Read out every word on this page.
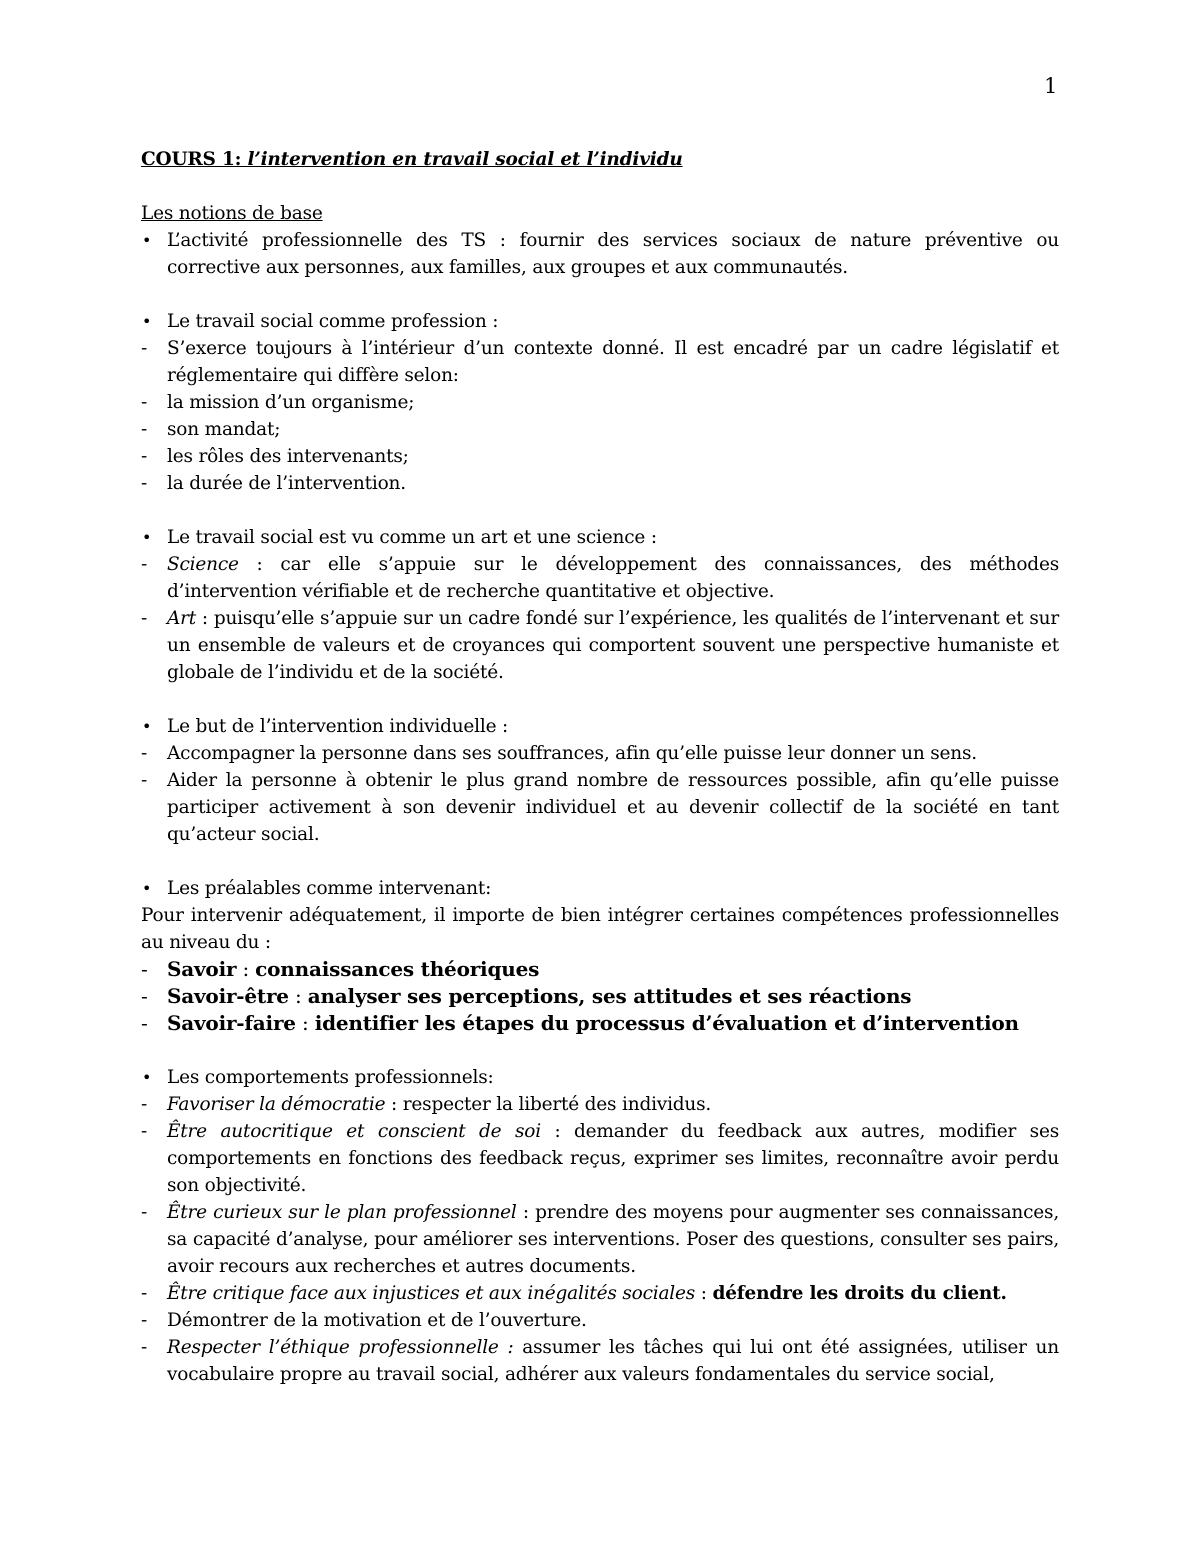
1
COURS 1: l’intervention en travail social et l’individu
Les notions de base
• L’activité professionnelle des TS : fournir des services sociaux de nature préventive ou corrective aux personnes, aux familles, aux groupes et aux communautés.
• Le travail social comme profession :
-	S’exerce toujours à l’intérieur d’un contexte donné. Il est encadré par un cadre législatif et réglementaire qui diffère selon:
-	la mission d’un organisme;
-	son mandat;
-	les rôles des intervenants;
-	la durée de l’intervention.
• Le travail social est vu comme un art et une science :
-	Science : car elle s’appuie sur le développement des connaissances, des méthodes d’intervention vérifiable et de recherche quantitative et objective.
-	Art : puisqu’elle s’appuie sur un cadre fondé sur l’expérience, les qualités de l’intervenant et sur un ensemble de valeurs et de croyances qui comportent souvent une perspective humaniste et globale de l’individu et de la société.
• Le but de l’intervention individuelle :
-	Accompagner la personne dans ses souffrances, afin qu’elle puisse leur donner un sens.
-	Aider la personne à obtenir le plus grand nombre de ressources possible, afin qu’elle puisse participer activement à son devenir individuel et au devenir collectif de la société en tant qu’acteur social.
• Les préalables comme intervenant:
Pour intervenir adéquatement, il importe de bien intégrer certaines compétences professionnelles au niveau du :
- Savoir : connaissances théoriques
- Savoir-être : analyser ses perceptions, ses attitudes et ses réactions
- Savoir-faire : identifier les étapes du processus d’évaluation et d’intervention
• Les comportements professionnels:
-	Favoriser la démocratie : respecter la liberté des individus.
-	Être autocritique et conscient de soi : demander du feedback aux autres, modifier ses comportements en fonctions des feedback reçus, exprimer ses limites, reconnaître avoir perdu son objectivité.
-	Être curieux sur le plan professionnel : prendre des moyens pour augmenter ses connaissances, sa capacité d’analyse, pour améliorer ses interventions. Poser des questions, consulter ses pairs, avoir recours aux recherches et autres documents.
-	Être critique face aux injustices et aux inégalités sociales : défendre les droits du client.
-	Démontrer de la motivation et de l’ouverture.
-	Respecter l’éthique professionnelle : assumer les tâches qui lui ont été assignées, utiliser un vocabulaire propre au travail social, adhérer aux valeurs fondamentales du service social,
